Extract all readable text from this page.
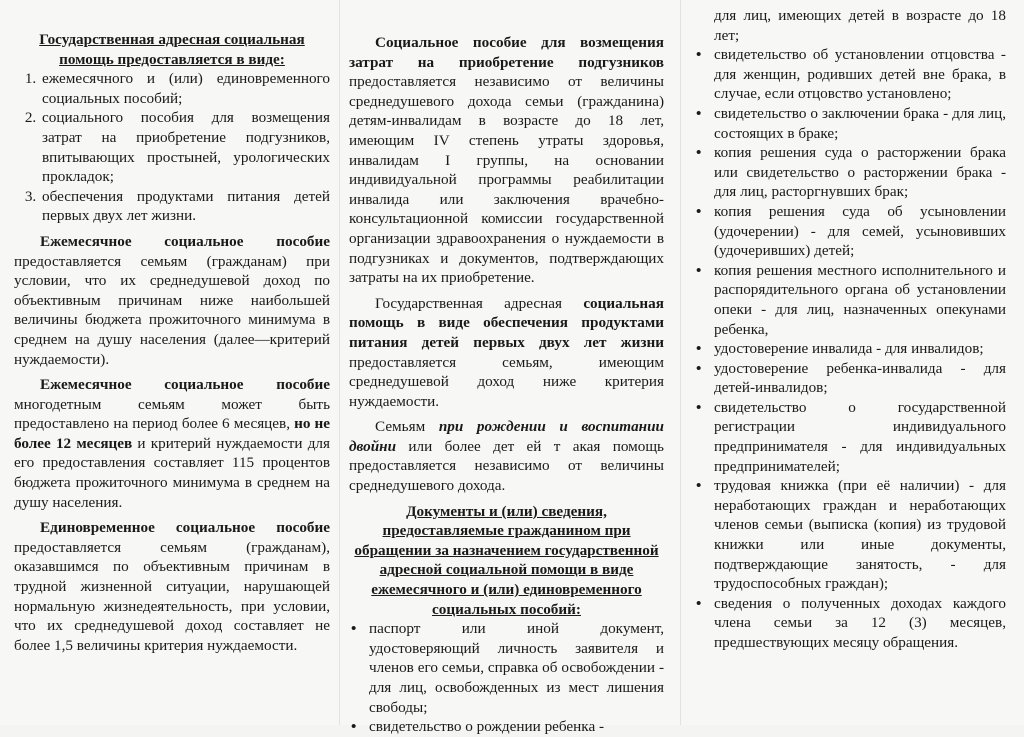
Государственная адресная социальная помощь предоставляется в виде:

1. ежемесячного и (или) единовременного социальных пособий;
2. социального пособия для возмещения затрат на приобретение подгузников, впитывающих простыней, урологических прокладок;
3. обеспечения продуктами питания детей первых двух лет жизни.

Ежемесячное социальное пособие предоставляется семьям (гражданам) при условии, что их среднедушевой доход по объективным причинам ниже наибольшей величины бюджета прожиточного минимума в среднем на душу населения (далее—критерий нуждаемости).

Ежемесячное социальное пособие многодетным семьям может быть предоставлено на период более 6 месяцев, но не более 12 месяцев и критерий нуждаемости для его предоставления составляет 115 процентов бюджета прожиточного минимума в среднем на душу населения.

Единовременное социальное пособие предоставляется семьям (гражданам), оказавшимся по объективным причинам в трудной жизненной ситуации, нарушающей нормальную жизнедеятельность, при условии, что их среднедушевой доход составляет не более 1,5 величины критерия нуждаемости.

Социальное пособие для возмещения затрат на приобретение подгузников предоставляется независимо от величины среднедушевого дохода семьи (гражданина) детям-инвалидам в возрасте до 18 лет, имеющим IV степень утраты здоровья, инвалидам I группы, на основании индивидуальной программы реабилитации инвалида или заключения врачебно-консультационной комиссии государственной организации здравоохранения о нуждаемости в подгузниках и документов, подтверждающих затраты на их приобретение.

Государственная адресная социальная помощь в виде обеспечения продуктами питания детей первых двух лет жизни предоставляется семьям, имеющим среднедушевой доход ниже критерия нуждаемости.

Семьям при рождении и воспитании двойни или более дет ей т акая помощь предоставляется независимо от величины среднедушевого дохода.

Документы и (или) сведения, предоставляемые гражданином при обращении за назначением государственной адресной социальной помощи в виде ежемесячного и (или) единовременного социальных пособий:

• паспорт или иной документ, удостоверяющий личность заявителя и членов его семьи, справка об освобождении - для лиц, освобожденных из мест лишения свободы;
• свидетельство о рождении ребенка -

для лиц, имеющих детей в возрасте до 18 лет;

• свидетельство об установлении отцовства - для женщин, родивших детей вне брака, в случае, если отцовство установлено;
• свидетельство о заключении брака - для лиц, состоящих в браке;
• копия решения суда о расторжении брака или свидетельство о расторжении брака - для лиц, расторгнувших брак;
• копия решения суда об усыновлении (удочерении) - для семей, усыновивших (удочеривших) детей;
• копия решения местного исполнительного и распорядительного органа об установлении опеки - для лиц, назначенных опекунами ребенка,
• удостоверение инвалида - для инвалидов;
• удостоверение ребенка-инвалида - для детей-инвалидов;
• свидетельство о государственной регистрации индивидуального предпринимателя - для индивидуальных предпринимателей;
• трудовая книжка (при её наличии) - для неработающих граждан и неработающих членов семьи (выписка (копия) из трудовой книжки или иные документы, подтверждающие занятость, - для трудоспособных граждан);
• сведения о полученных доходах каждого члена семьи за 12 (3) месяцев, предшествующих месяцу обращения.
